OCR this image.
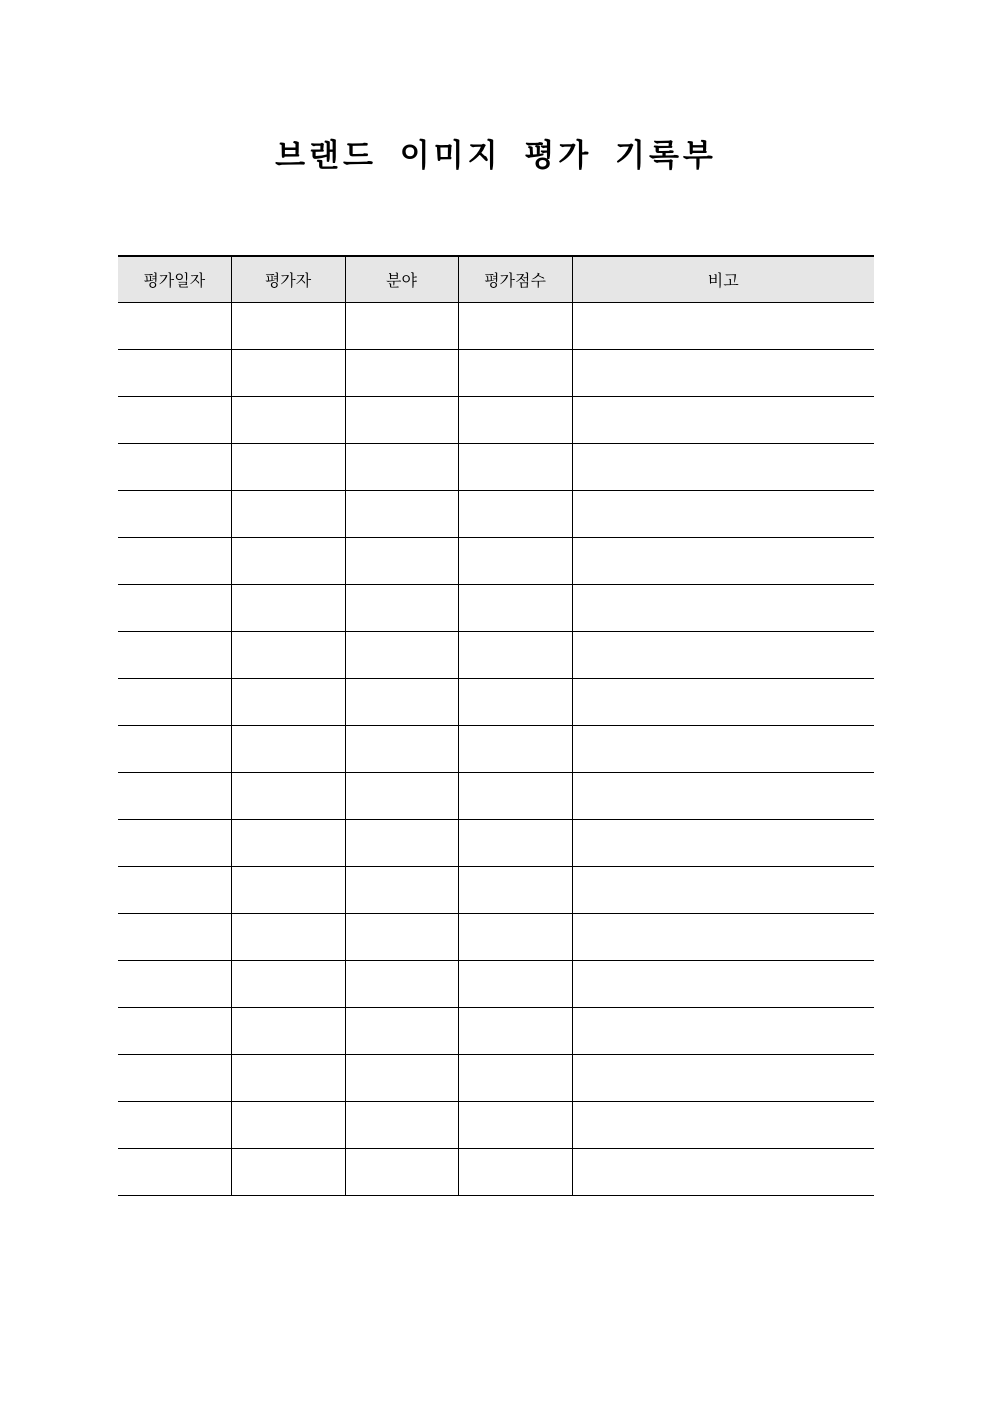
브랜드 이미지 평가 기록부
평가일자	평가자	분야	평가점수	비고
